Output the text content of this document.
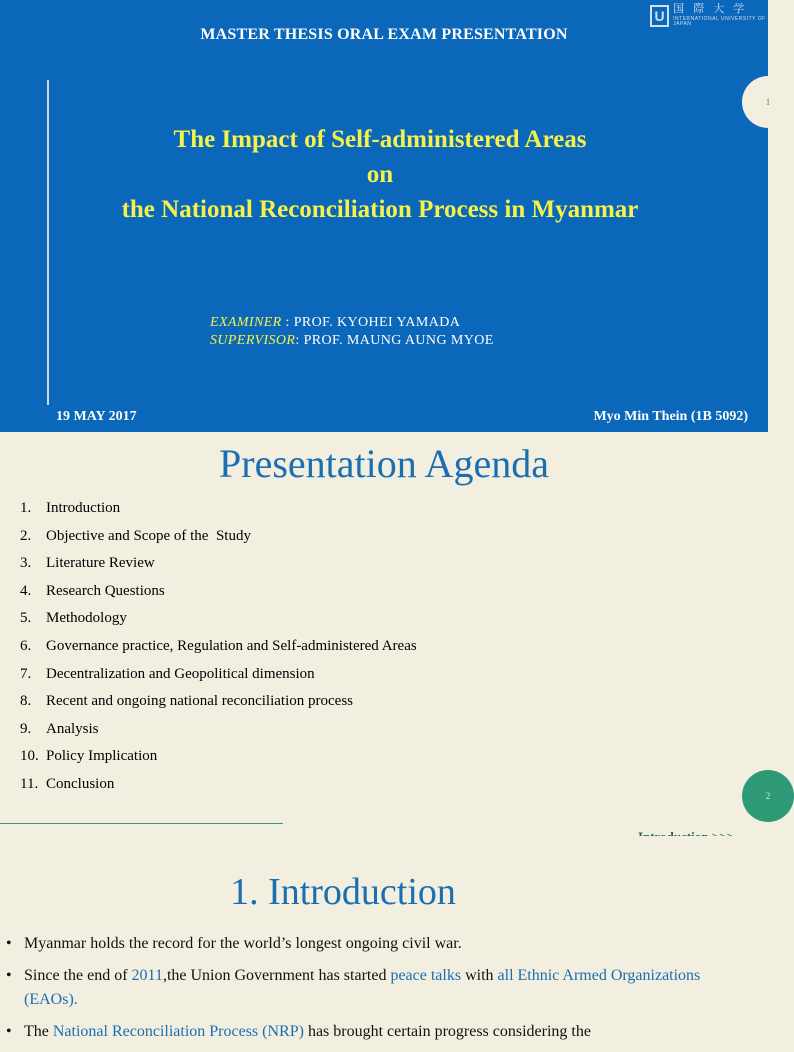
MASTER THESIS ORAL EXAM PRESENTATION
U 国 際 大 学
INTERNATIONAL UNIVERSITY OF JAPAN
1
The Impact of Self-administered Areas
on
the National Reconciliation Process in Myanmar
EXAMINER : PROF. KYOHEI YAMADA
SUPERVISOR: PROF. MAUNG AUNG MYOE
19 MAY 2017	Myo Min Thein (1B 5092)
Presentation Agenda
1. Introduction
2. Objective and Scope of the  Study
3. Literature Review
4. Research Questions
5. Methodology
6. Governance practice, Regulation and Self-administered Areas
7. Decentralization and Geopolitical dimension
8. Recent and ongoing national reconciliation process
9. Analysis
10. Policy Implication
11. Conclusion
2
1. Introduction
• Myanmar holds the record for the world’s longest ongoing civil war.
• Since the end of 2011,the Union Government has started peace talks with all Ethnic Armed Organizations (EAOs).
• The National Reconciliation Process (NRP) has brought certain progress considering the
